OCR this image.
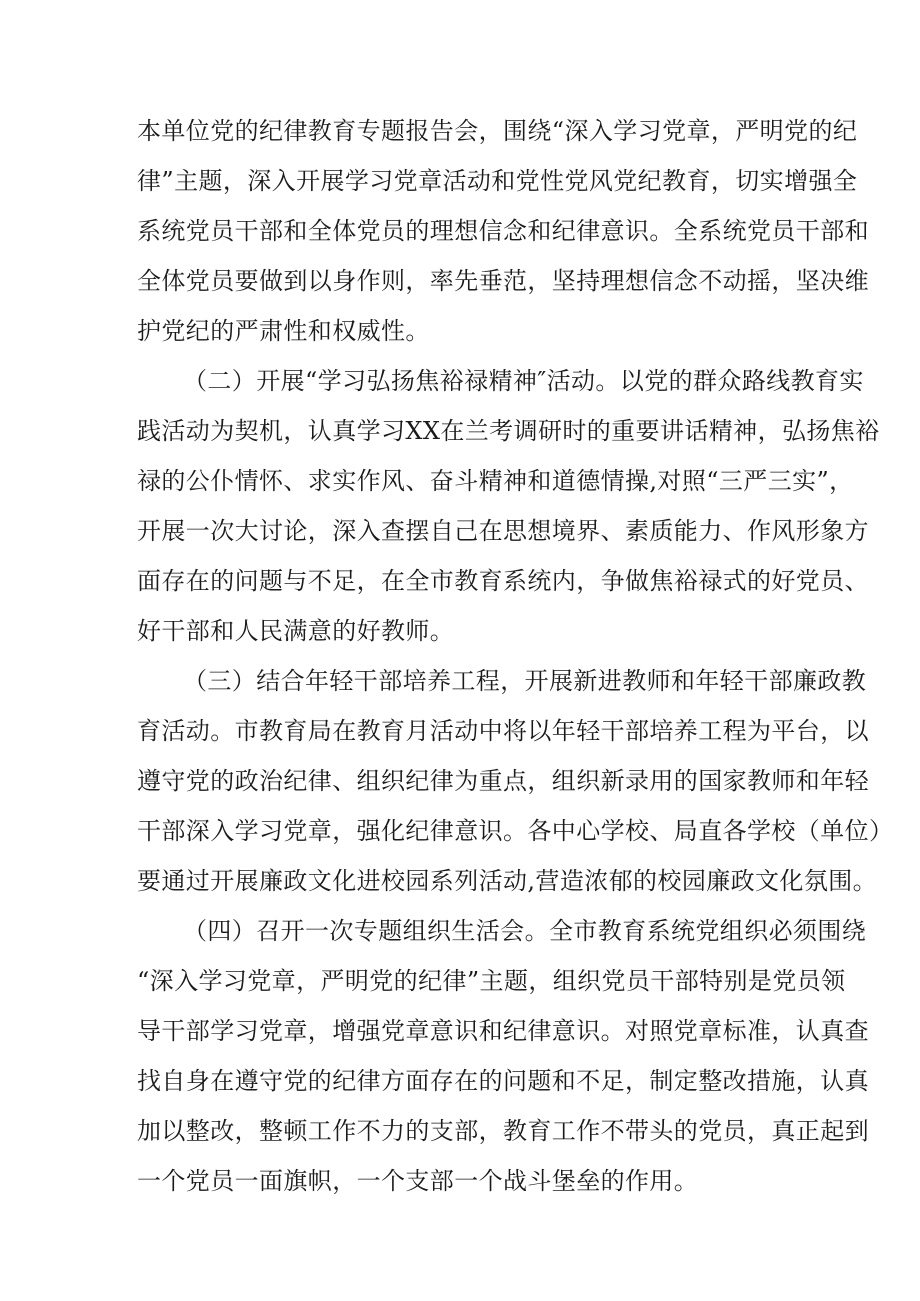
本单位党的纪律教育专题报告会，围绕“深入学习党章，严明党的纪
律”主题，深入开展学习党章活动和党性党风党纪教育，切实增强全
系统党员干部和全体党员的理想信念和纪律意识。全系统党员干部和
全体党员要做到以身作则，率先垂范，坚持理想信念不动摇，坚决维
护党纪的严肃性和权威性。
（二）开展“学习弘扬焦裕禄精神″活动。以党的群众路线教育实
践活动为契机，认真学习XX在兰考调研时的重要讲话精神，弘扬焦裕
禄的公仆情怀、求实作风、奋斗精神和道德情操,对照“三严三实”，
开展一次大讨论，深入查摆自己在思想境界、素质能力、作风形象方
面存在的问题与不足，在全市教育系统内，争做焦裕禄式的好党员、
好干部和人民满意的好教师。
（三）结合年轻干部培养工程，开展新进教师和年轻干部廉政教
育活动。市教育局在教育月活动中将以年轻干部培养工程为平台，以
遵守党的政治纪律、组织纪律为重点，组织新录用的国家教师和年轻
干部深入学习党章，强化纪律意识。各中心学校、局直各学校（单位）
要通过开展廉政文化进校园系列活动,营造浓郁的校园廉政文化氛围。
（四）召开一次专题组织生活会。全市教育系统党组织必须围绕
“深入学习党章，严明党的纪律”主题，组织党员干部特别是党员领
导干部学习党章，增强党章意识和纪律意识。对照党章标准，认真查
找自身在遵守党的纪律方面存在的问题和不足，制定整改措施，认真
加以整改，整顿工作不力的支部，教育工作不带头的党员，真正起到
一个党员一面旗帜，一个支部一个战斗堡垒的作用。
